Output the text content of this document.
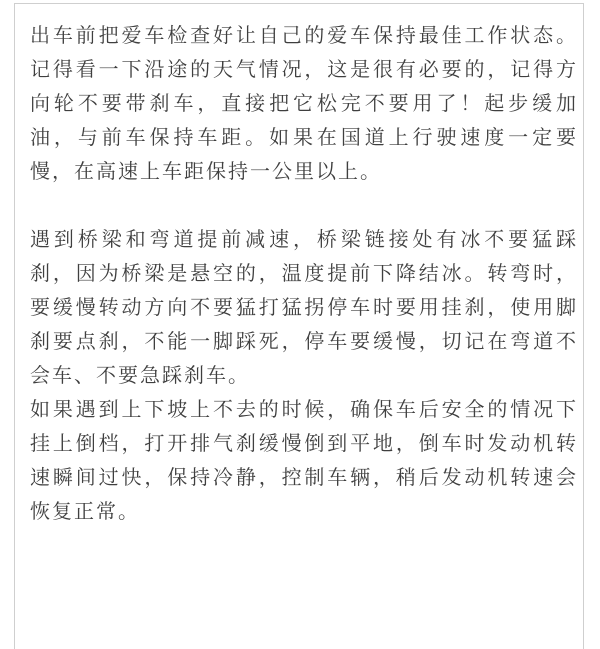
出车前把爱车检查好让自己的爱车保持最佳工作状态。记得看一下沿途的天气情况，这是很有必要的，记得方向轮不要带刹车，直接把它松完不要用了！起步缓加油，与前车保持车距。如果在国道上行驶速度一定要慢，在高速上车距保持一公里以上。

遇到桥梁和弯道提前减速，桥梁链接处有冰不要猛踩刹，因为桥梁是悬空的，温度提前下降结冰。转弯时，要缓慢转动方向不要猛打猛拐停车时要用挂刹，使用脚刹要点刹，不能一脚踩死，停车要缓慢，切记在弯道不会车、不要急踩刹车。

如果遇到上下坡上不去的时候，确保车后安全的情况下挂上倒档，打开排气刹缓慢倒到平地，倒车时发动机转速瞬间过快，保持冷静，控制车辆，稍后发动机转速会恢复正常。
